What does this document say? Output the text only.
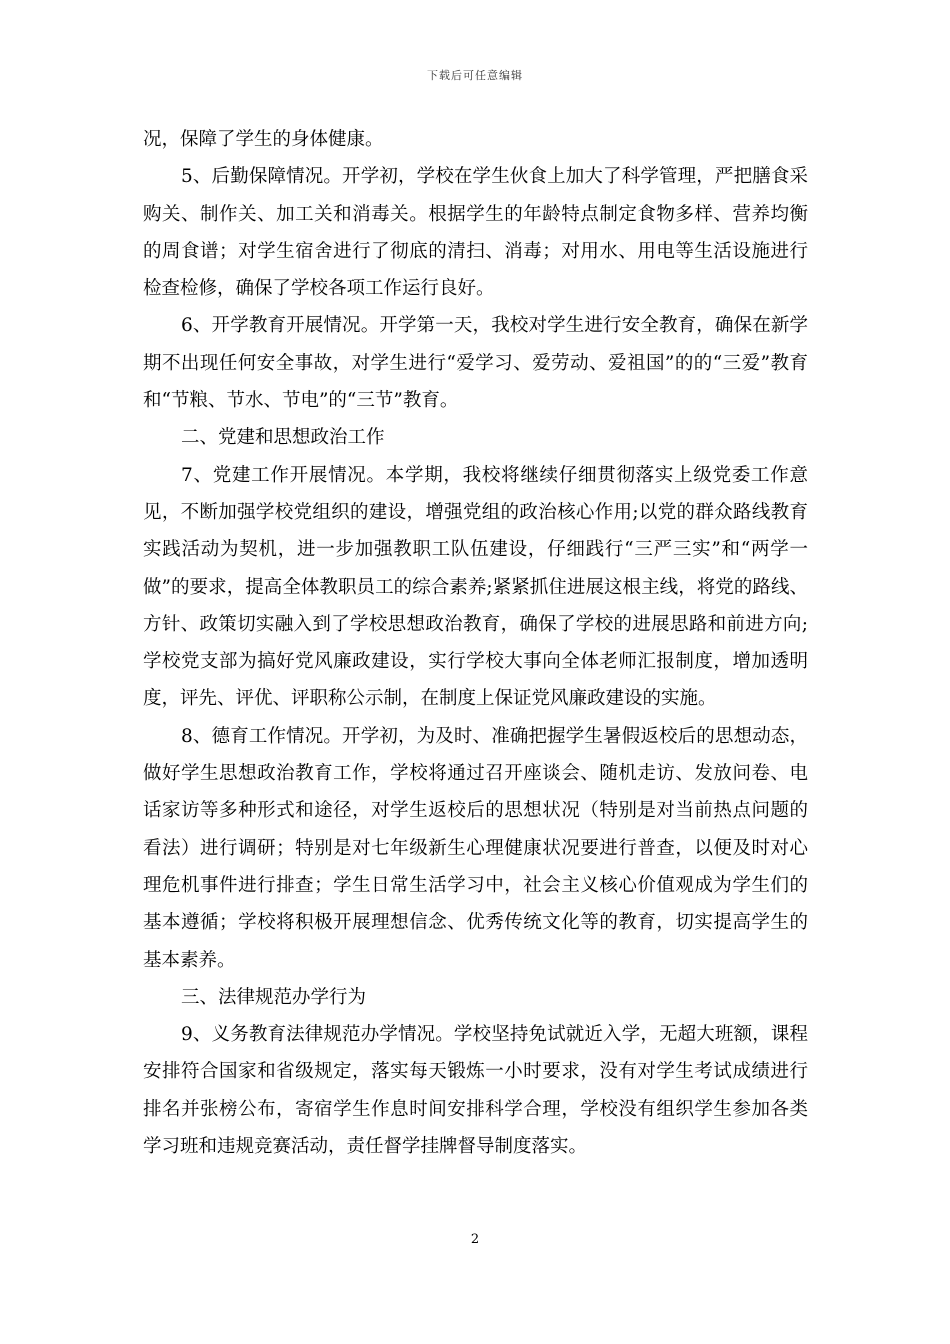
下载后可任意编辑

况，保障了学生的身体健康。

5、后勤保障情况。开学初，学校在学生伙食上加大了科学管理，严把膳食采购关、制作关、加工关和消毒关。根据学生的年龄特点制定食物多样、营养均衡的周食谱；对学生宿舍进行了彻底的清扫、消毒；对用水、用电等生活设施进行检查检修，确保了学校各项工作运行良好。

6、开学教育开展情况。开学第一天，我校对学生进行安全教育，确保在新学期不出现任何安全事故，对学生进行“爱学习、爱劳动、爱祖国”的的“三爱”教育和“节粮、节水、节电”的“三节”教育。

二、党建和思想政治工作

7、党建工作开展情况。本学期，我校将继续仔细贯彻落实上级党委工作意见，不断加强学校党组织的建设，增强党组的政治核心作用;以党的群众路线教育实践活动为契机，进一步加强教职工队伍建设，仔细践行“三严三实”和“两学一做”的要求，提高全体教职员工的综合素养;紧紧抓住进展这根主线，将党的路线、方针、政策切实融入到了学校思想政治教育，确保了学校的进展思路和前进方向;学校党支部为搞好党风廉政建设，实行学校大事向全体老师汇报制度，增加透明度，评先、评优、评职称公示制，在制度上保证党风廉政建设的实施。

8、德育工作情况。开学初，为及时、准确把握学生暑假返校后的思想动态，做好学生思想政治教育工作，学校将通过召开座谈会、随机走访、发放问卷、电话家访等多种形式和途径，对学生返校后的思想状况（特别是对当前热点问题的看法）进行调研；特别是对七年级新生心理健康状况要进行普查，以便及时对心理危机事件进行排查；学生日常生活学习中，社会主义核心价值观成为学生们的基本遵循；学校将积极开展理想信念、优秀传统文化等的教育，切实提高学生的基本素养。

三、法律规范办学行为

9、义务教育法律规范办学情况。学校坚持免试就近入学，无超大班额，课程安排符合国家和省级规定，落实每天锻炼一小时要求，没有对学生考试成绩进行排名并张榜公布，寄宿学生作息时间安排科学合理，学校没有组织学生参加各类学习班和违规竞赛活动，责任督学挂牌督导制度落实。

2
